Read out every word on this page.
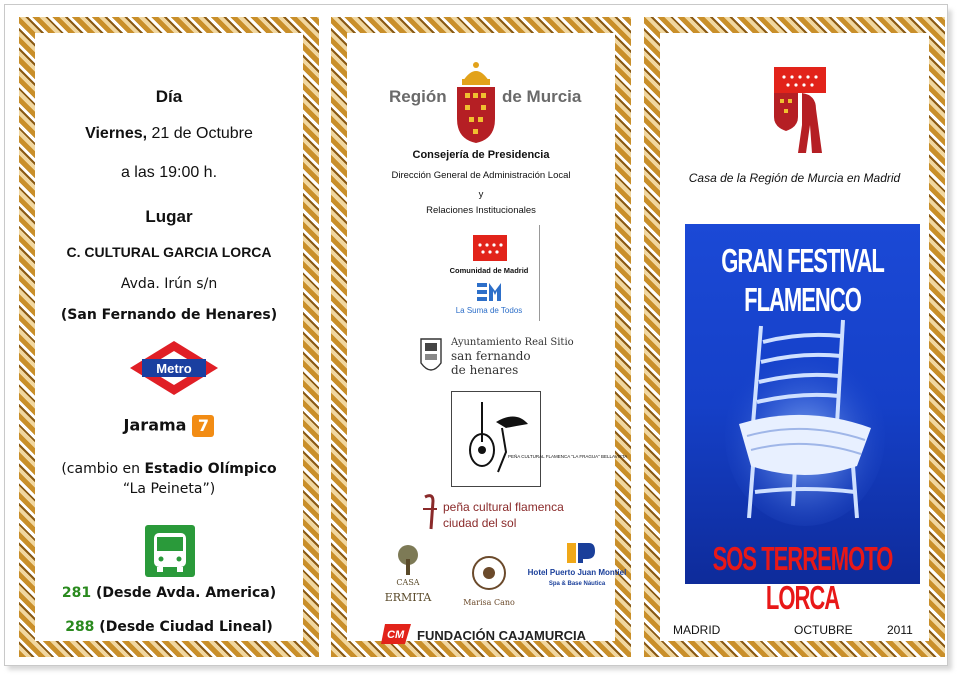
Día
Viernes, 21 de Octubre
a las 19:00 h.
Lugar
C. CULTURAL GARCIA LORCA
Avda. Irún s/n
(San Fernando de Henares)
Metro
Jarama 7
(cambio en Estadio Olímpico
“La Peineta”)
281 (Desde Avda. America)
288 (Desde Ciudad Lineal)
Región	de Murcia
Consejería de Presidencia
Dirección General de Administración Local
y
Relaciones Institucionales
Comunidad de Madrid
La Suma de Todos
Ayuntamiento Real Sitio
san fernando
de henares
PEÑA CULTURAL FLAMENCA "LA FRAGUA" BELLAVISTA
peña cultural flamenca
ciudad del sol
CASA
ERMITA	Marisa Cano
Hotel Puerto Juan Montiel
Spa & Base Náutica
CM FUNDACIÓN CAJAMURCIA
Casa de la Región de Murcia en Madrid
GRAN FESTIVAL FLAMENCO
SOS TERREMOTO LORCA
MADRID	OCTUBRE	2011
